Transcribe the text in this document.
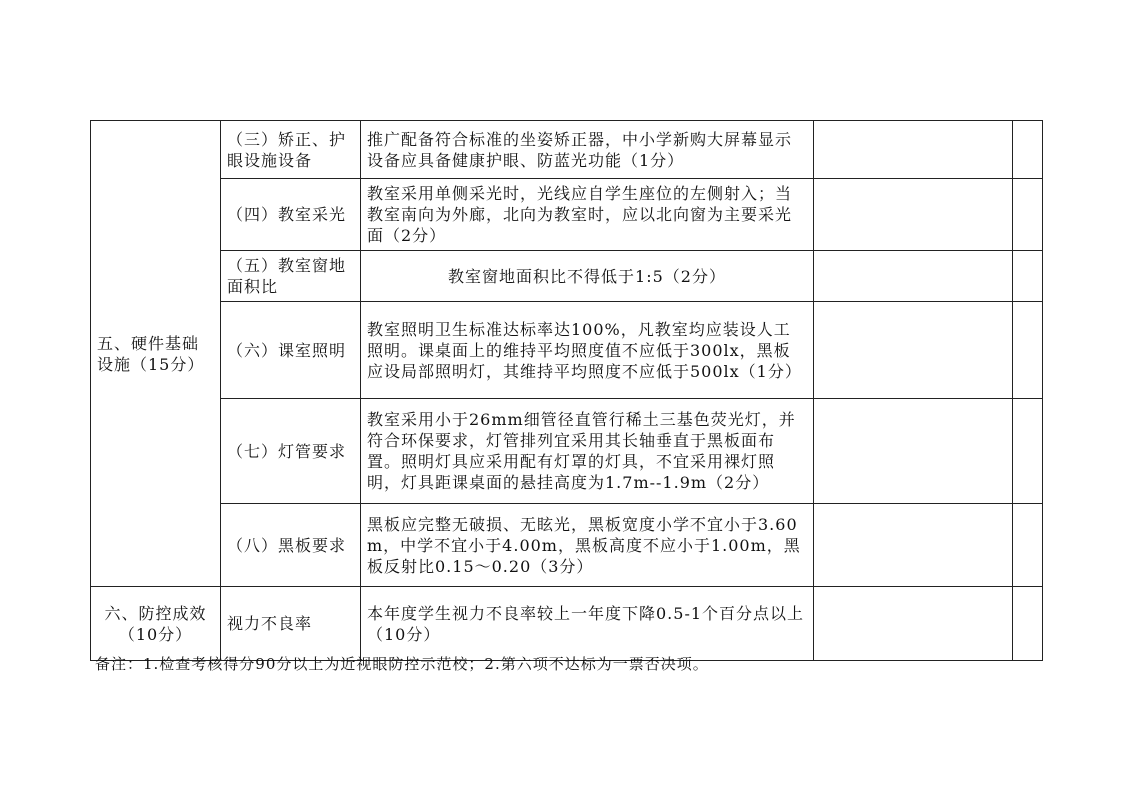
五、硬件基础设施（15分）	（三）矫正、护眼设施设备	推广配备符合标准的坐姿矫正器，中小学新购大屏幕显示设备应具备健康护眼、防蓝光功能（1分）		
	（四）教室采光	教室采用单侧采光时，光线应自学生座位的左侧射入；当教室南向为外廊，北向为教室时，应以北向窗为主要采光面（2分）		
	（五）教室窗地面积比	教室窗地面积比不得低于1:5（2分）		
	（六）课室照明	教室照明卫生标准达标率达100%，凡教室均应装设人工照明。课桌面上的维持平均照度值不应低于300lx，黑板应设局部照明灯，其维持平均照度不应低于500lx（1分）		
	（七）灯管要求	教室采用小于26mm细管径直管行稀土三基色荧光灯，并符合环保要求，灯管排列宜采用其长轴垂直于黑板面布置。照明灯具应采用配有灯罩的灯具，不宜采用裸灯照明，灯具距课桌面的悬挂高度为1.7m--1.9m（2分）		
	（八）黑板要求	黑板应完整无破损、无眩光，黑板宽度小学不宜小于3.60m，中学不宜小于4.00m，黑板高度不应小于1.00m，黑板反射比0.15～0.20（3分）		
六、防控成效（10分）	视力不良率	本年度学生视力不良率较上一年度下降0.5-1个百分点以上（10分）		
备注：1.检查考核得分90分以上为近视眼防控示范校；2.第六项不达标为一票否决项。
